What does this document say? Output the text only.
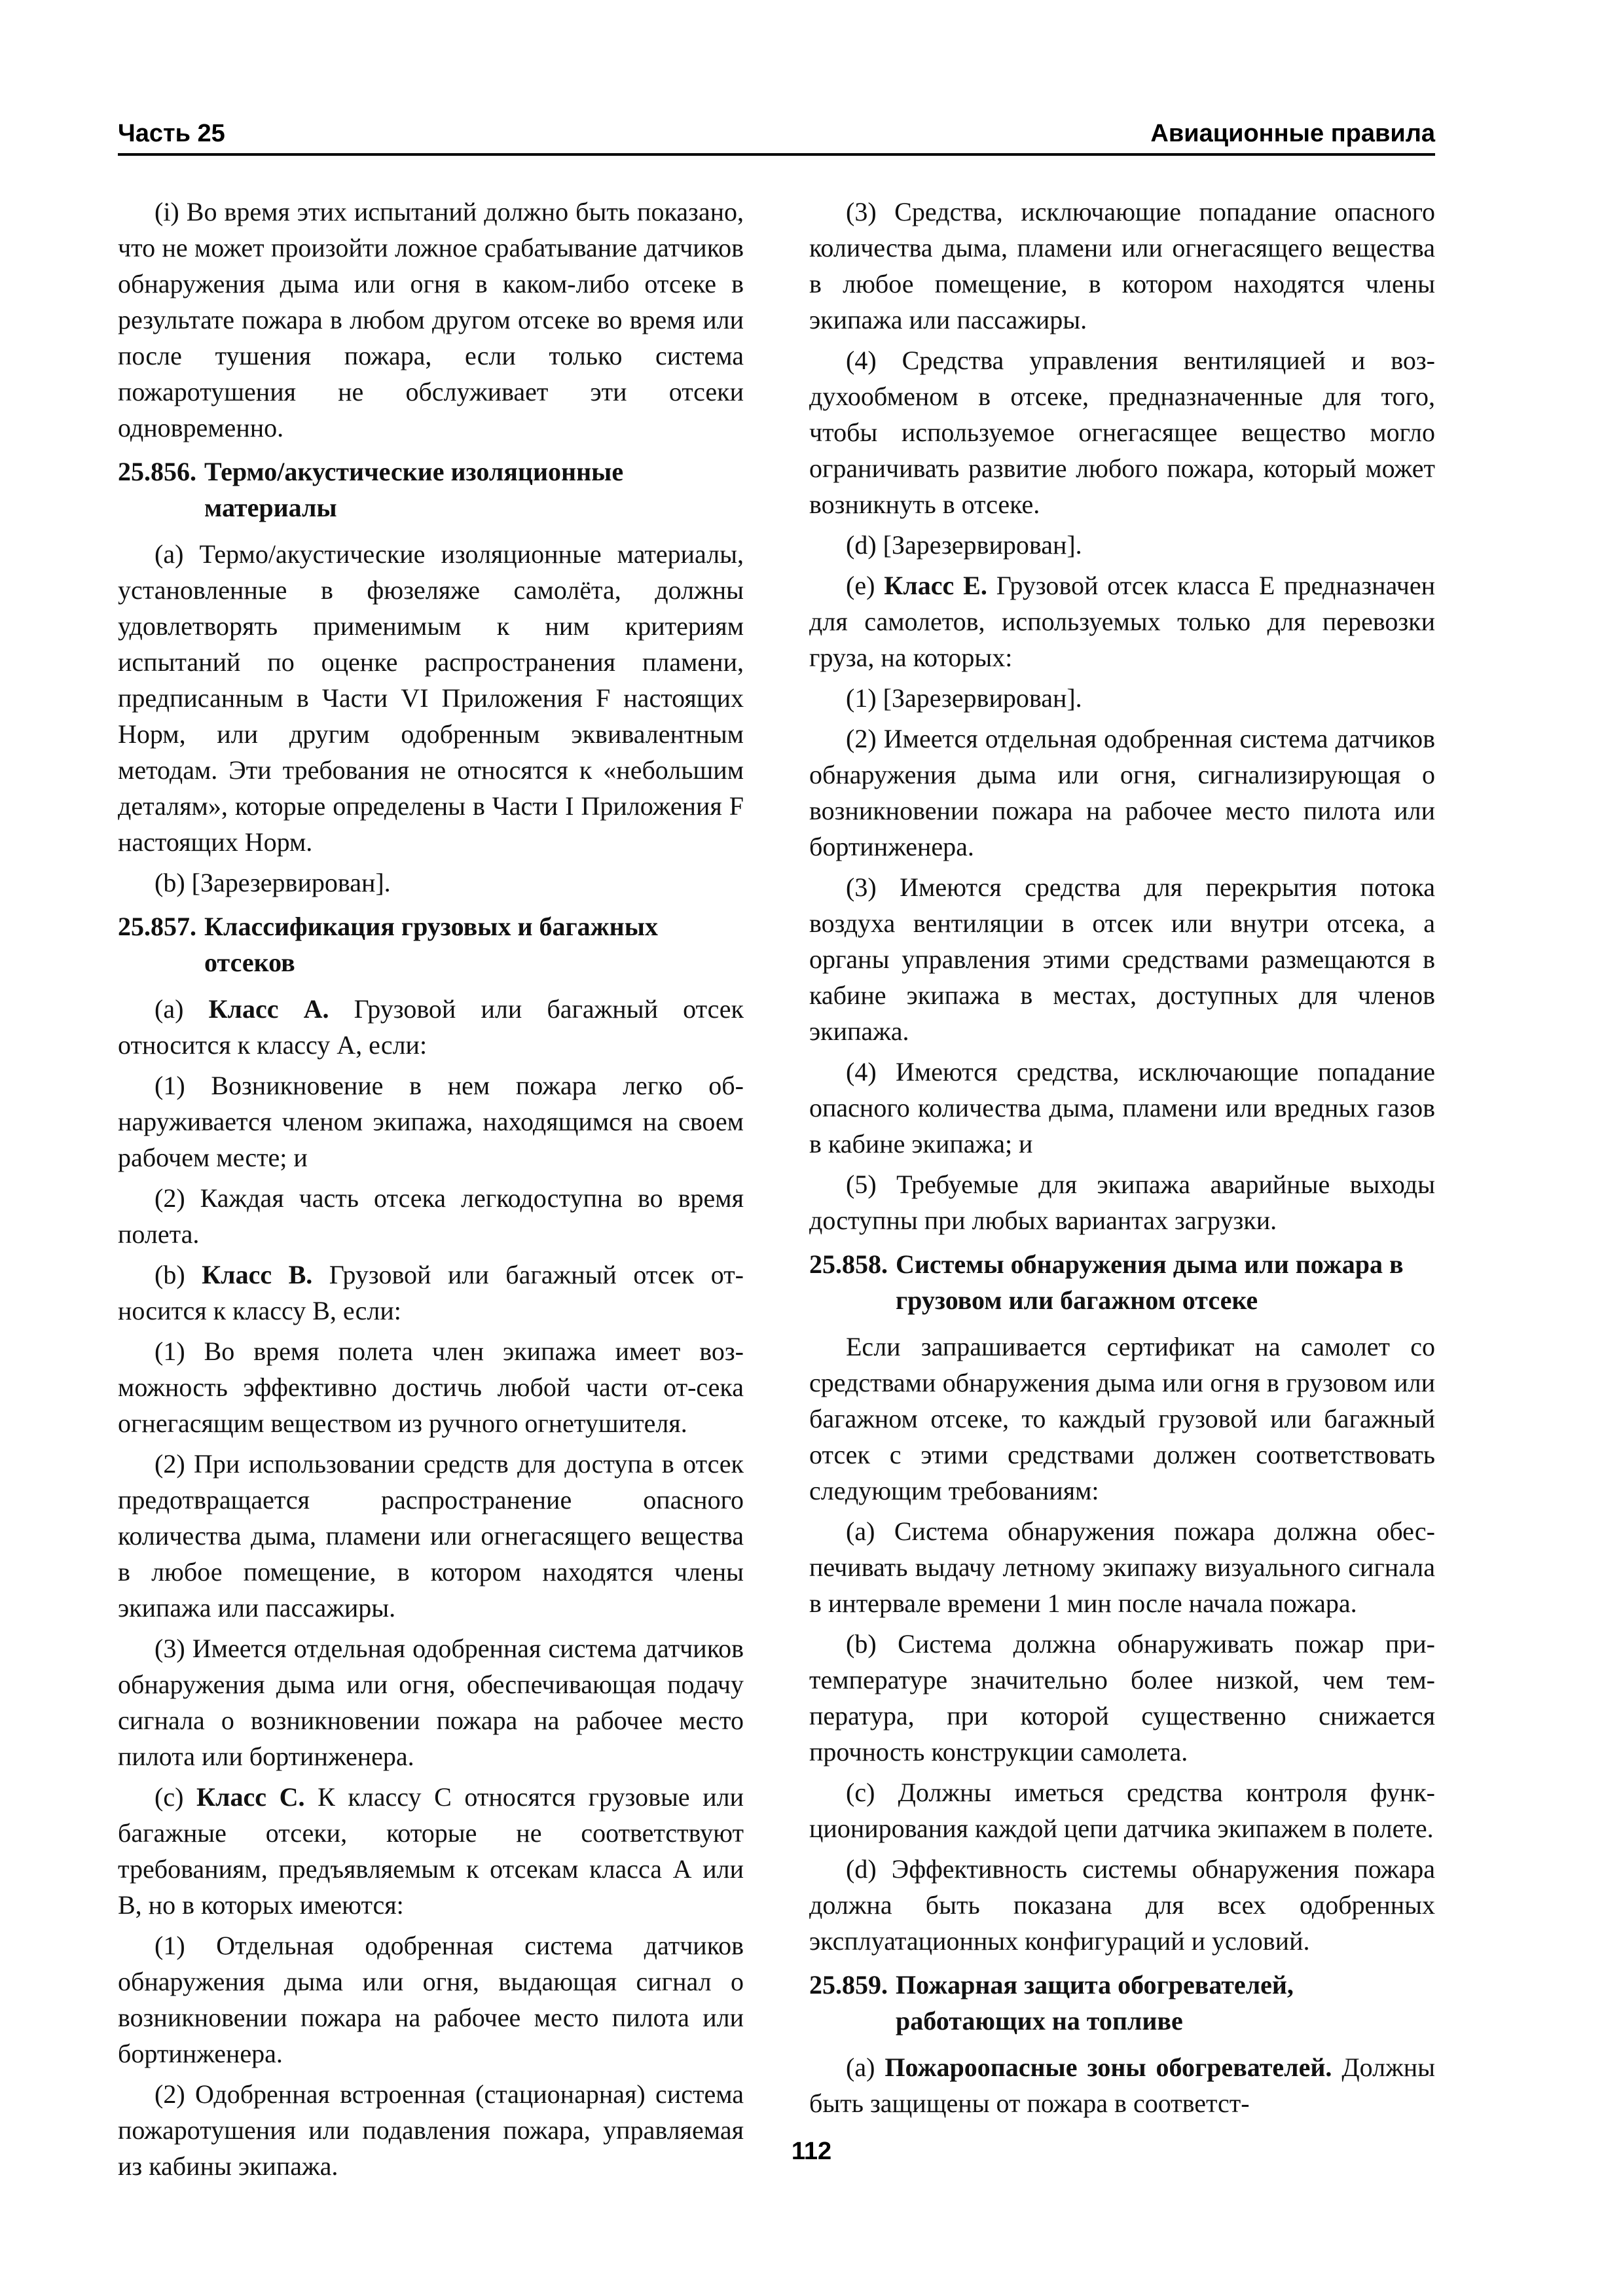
Часть 25	Авиационные правила

(i) Во время этих испытаний должно быть показано, что не может произойти ложное срабатывание датчиков обнаружения дыма или огня в каком-либо отсеке в результате пожара в любом другом отсеке во время или после тушения пожара, если только система пожаротушения не обслуживает эти отсеки одновременно.

25.856. Термо/акустические изоляционные материалы

(a) Термо/акустические изоляционные материалы, установленные в фюзеляже самолёта, должны удовлетворять применимым к ним критериям испытаний по оценке распространения пламени, предписанным в Части VI Приложения F настоящих Норм, или другим одобренным эквивалентным методам. Эти требования не относятся к «небольшим деталям», которые определены в Части I Приложения F настоящих Норм.

(b) [Зарезервирован].

25.857. Классификация грузовых и багажных отсеков

(a) Класс А. Грузовой или багажный отсек относится к классу А, если:

(1) Возникновение в нем пожара легко обнаруживается членом экипажа, находящимся на своем рабочем месте; и

(2) Каждая часть отсека легкодоступна во время полета.

(b) Класс В. Грузовой или багажный отсек относится к классу В, если:

(1) Во время полета член экипажа имеет возможность эффективно достичь любой части от-сека огнегасящим веществом из ручного огнетушителя.

(2) При использовании средств для доступа в отсек предотвращается распространение опасного количества дыма, пламени или огнегасящего вещества в любое помещение, в котором находятся члены экипажа или пассажиры.

(3) Имеется отдельная одобренная система датчиков обнаружения дыма или огня, обеспечивающая подачу сигнала о возникновении пожара на рабочее место пилота или бортинженера.

(c) Класс С. К классу С относятся грузовые или багажные отсеки, которые не соответствуют требованиям, предъявляемым к отсекам класса А или В, но в которых имеются:

(1) Отдельная одобренная система датчиков обнаружения дыма или огня, выдающая сигнал о возникновении пожара на рабочее место пилота или бортинженера.

(2) Одобренная встроенная (стационарная) система пожаротушения или подавления пожара, управляемая из кабины экипажа.

(3) Средства, исключающие попадание опасного количества дыма, пламени или огнегасящего вещества в любое помещение, в котором находятся члены экипажа или пассажиры.

(4) Средства управления вентиляцией и воздухообменом в отсеке, предназначенные для того, чтобы используемое огнегасящее вещество могло ограничивать развитие любого пожара, который может возникнуть в отсеке.

(d) [Зарезервирован].

(e) Класс Е. Грузовой отсек класса Е предназначен для самолетов, используемых только для перевозки груза, на которых:

(1) [Зарезервирован].

(2) Имеется отдельная одобренная система датчиков обнаружения дыма или огня, сигнализирующая о возникновении пожара на рабочее место пилота или бортинженера.

(3) Имеются средства для перекрытия потока воздуха вентиляции в отсек или внутри отсека, а органы управления этими средствами размещаются в кабине экипажа в местах, доступных для членов экипажа.

(4) Имеются средства, исключающие попадание опасного количества дыма, пламени или вредных газов в кабине экипажа; и

(5) Требуемые для экипажа аварийные выходы доступны при любых вариантах загрузки.

25.858. Системы обнаружения дыма или пожара в грузовом или багажном отсеке

Если запрашивается сертификат на самолет со средствами обнаружения дыма или огня в грузовом или багажном отсеке, то каждый грузовой или багажный отсек с этими средствами должен соответствовать следующим требованиям:

(a) Система обнаружения пожара должна обеспечивать выдачу летному экипажу визуального сигнала в интервале времени 1 мин после начала пожара.

(b) Система должна обнаруживать пожар притемпературе значительно более низкой, чем температура, при которой существенно снижается прочность конструкции самолета.

(c) Должны иметься средства контроля функционирования каждой цепи датчика экипажем в полете.

(d) Эффективность системы обнаружения пожара должна быть показана для всех одобренных эксплуатационных конфигураций и условий.

25.859. Пожарная защита обогревателей, работающих на топливе

(a) Пожароопасные зоны обогревателей. Должны быть защищены от пожара в соответст-

112
